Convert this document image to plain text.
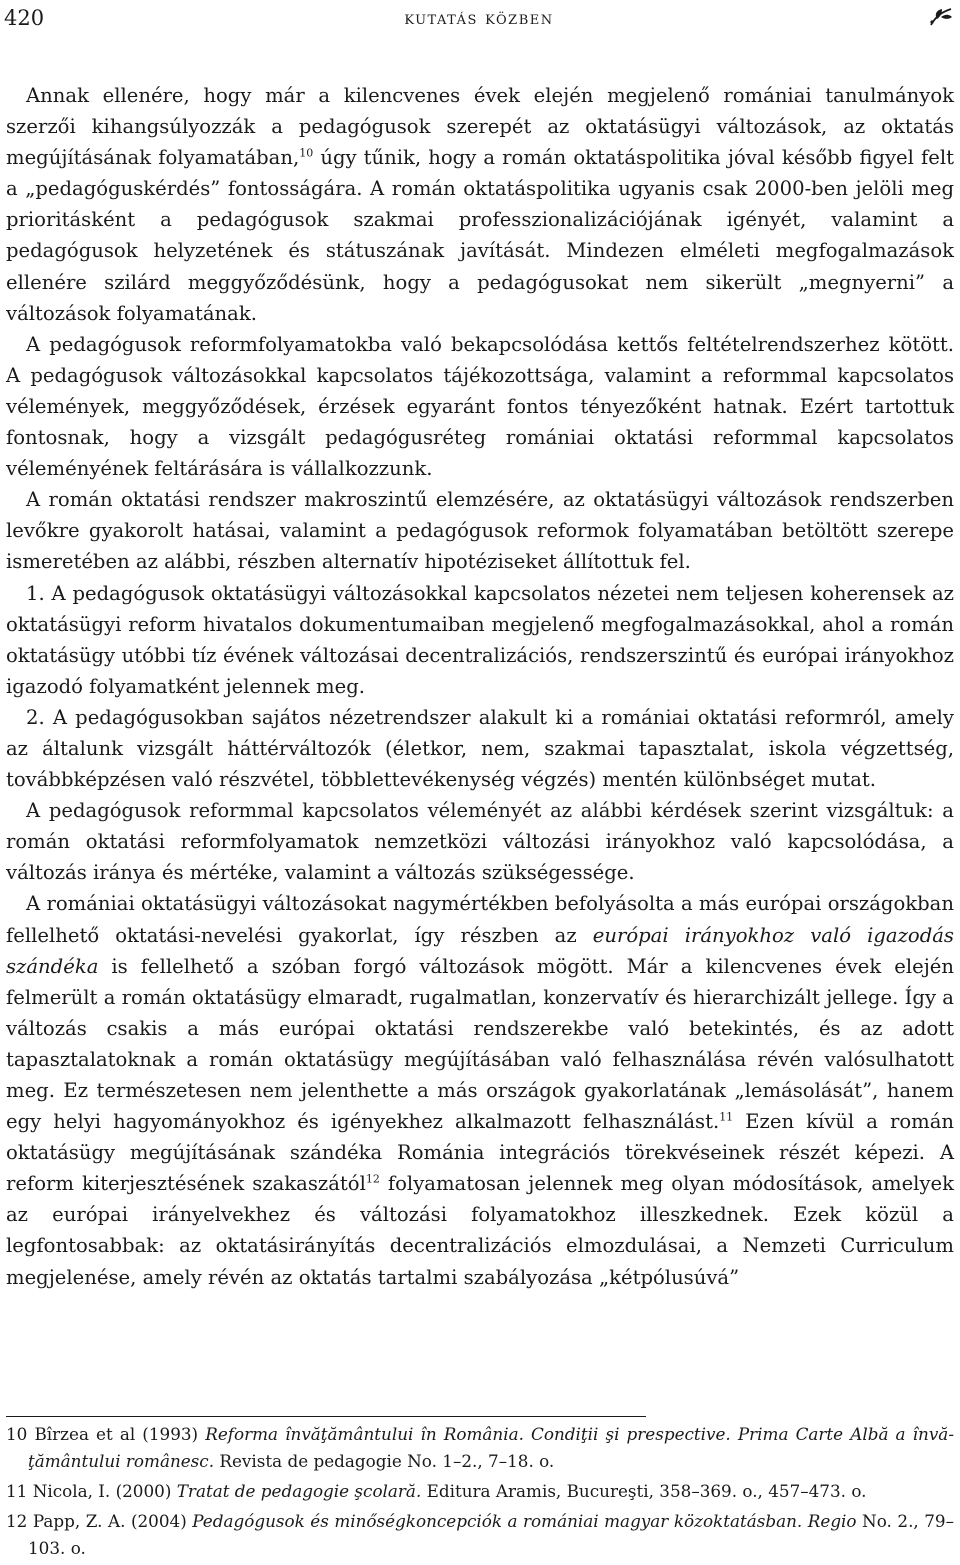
420	kutatás közben

Annak ellenére, hogy már a kilencvenes évek elején megjelenő romániai tanulmányok szerzői kihangsúlyozzák a pedagógusok szerepét az oktatásügyi változások, az oktatás megújításának folyamatában,$^{10}$ úgy tűnik, hogy a román oktatáspolitika jóval később figyel felt a „pedagóguskérdés” fontosságára. A román oktatáspolitika ugyanis csak 2000-ben jelöli meg prioritásként a pedagógusok szakmai professzionalizációjának igényét, valamint a pedagógusok helyzetének és státuszának javítását. Mindezen elméleti megfogalmazások ellenére szilárd meggyőződésünk, hogy a pedagógusokat nem sikerült „megnyerni” a változások folyamatának.

A pedagógusok reformfolyamatokba való bekapcsolódása kettős feltételrendszerhez kötött. A pedagógusok változásokkal kapcsolatos tájékozottsága, valamint a reformmal kapcsolatos vélemények, meggyőződések, érzések egyaránt fontos tényezőként hatnak. Ezért tartottuk fontosnak, hogy a vizsgált pedagógusréteg romániai oktatási reformmal kapcsolatos véleményének feltárására is vállalkozzunk.

A román oktatási rendszer makroszintű elemzésére, az oktatásügyi változások rendszerben levőkre gyakorolt hatásai, valamint a pedagógusok reformok folyamatában betöltött szerepe ismeretében az alábbi, részben alternatív hipotéziseket állítottuk fel.

1. A pedagógusok oktatásügyi változásokkal kapcsolatos nézetei nem teljesen koherensek az oktatásügyi reform hivatalos dokumentumaiban megjelenő megfogalmazásokkal, ahol a román oktatásügy utóbbi tíz évének változásai decentralizációs, rendszerszintű és európai irányokhoz igazodó folyamatként jelennek meg.

2. A pedagógusokban sajátos nézetrendszer alakult ki a romániai oktatási reformról, amely az általunk vizsgált háttérváltozók (életkor, nem, szakmai tapasztalat, iskola végzettség, továbbképzésen való részvétel, többlettevékenység végzés) mentén különbséget mutat.

A pedagógusok reformmal kapcsolatos véleményét az alábbi kérdések szerint vizsgáltuk: a román oktatási reformfolyamatok nemzetközi változási irányokhoz való kapcsolódása, a változás iránya és mértéke, valamint a változás szükségessége.

A romániai oktatásügyi változásokat nagymértékben befolyásolta a más európai országokban fellelhető oktatási-nevelési gyakorlat, így részben az európai irányokhoz való igazodás szándéka is fellelhető a szóban forgó változások mögött. Már a kilencvenes évek elején felmerült a román oktatásügy elmaradt, rugalmatlan, konzervatív és hierarchizált jellege. Így a változás csakis a más európai oktatási rendszerekbe való betekintés, és az adott tapasztalatoknak a román oktatásügy megújításában való felhasználása révén valósulhatott meg. Ez természetesen nem jelenthette a más országok gyakorlatának „lemásolását”, hanem egy helyi hagyományokhoz és igényekhez alkalmazott felhasználást.$^{11}$ Ezen kívül a román oktatásügy megújításának szándéka Románia integrációs törekvéseinek részét képezi. A reform kiterjesztésének szakaszától$^{12}$ folyamatosan jelennek meg olyan módosítások, amelyek az európai irányelvekhez és változási folyamatokhoz illeszkednek. Ezek közül a legfontosabbak: az oktatásirányítás decentralizációs elmozdulásai, a Nemzeti Curriculum megjelenése, amely révén az oktatás tartalmi szabályozása „kétpólusúvá”

10 Bîrzea et al (1993) Reforma învăţământului în România. Condiţii şi prespective. Prima Carte Albă a învăţământului românesc. Revista de pedagogie No. 1–2., 7–18. o.

11 Nicola, I. (2000) Tratat de pedagogie şcolară. Editura Aramis, Bucureşti, 358–369. o., 457–473. o.

12 Papp, Z. A. (2004) Pedagógusok és minőségkoncepciók a romániai magyar közoktatásban. Regio No. 2., 79–103. o.
